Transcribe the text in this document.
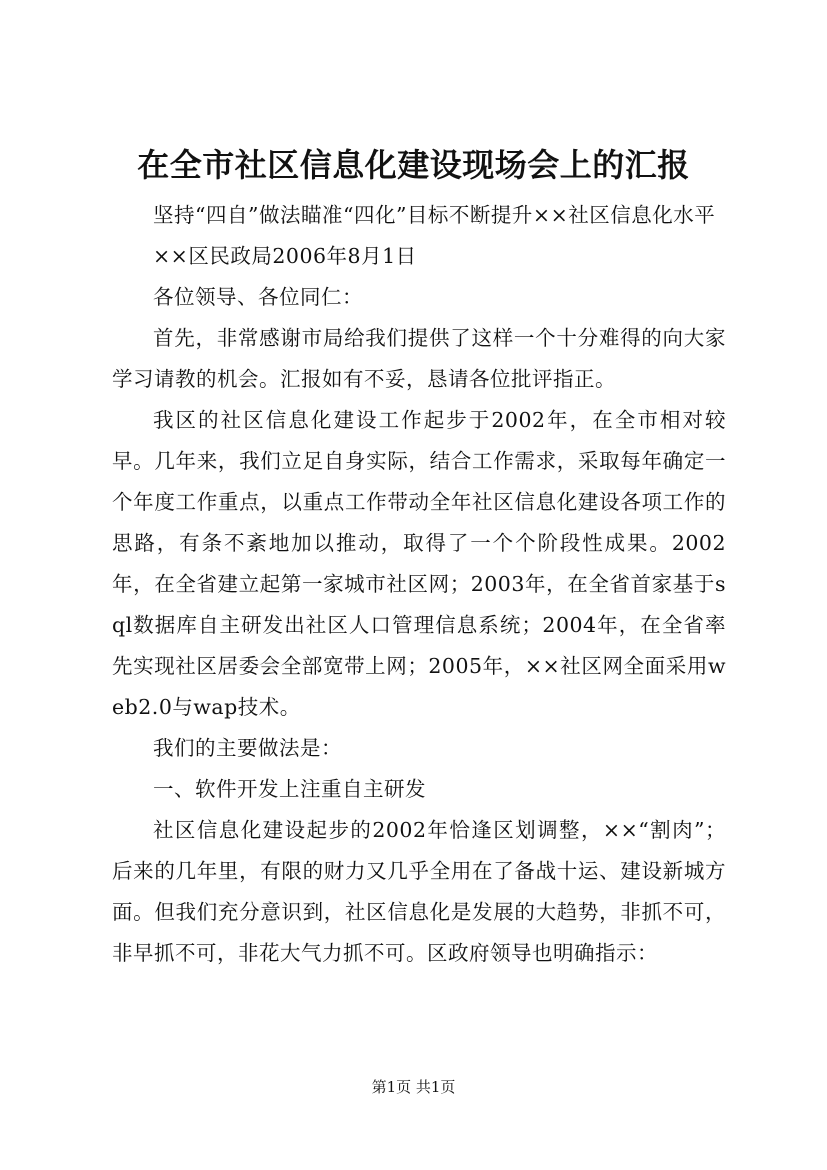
在全市社区信息化建设现场会上的汇报

坚持“四自”做法瞄准“四化”目标不断提升××社区信息化水平

××区民政局2006年8月1日

各位领导、各位同仁：

首先，非常感谢市局给我们提供了这样一个十分难得的向大家学习请教的机会。汇报如有不妥，恳请各位批评指正。

我区的社区信息化建设工作起步于2002年，在全市相对较早。几年来，我们立足自身实际，结合工作需求，采取每年确定一个年度工作重点，以重点工作带动全年社区信息化建设各项工作的思路，有条不紊地加以推动，取得了一个个阶段性成果。2002年，在全省建立起第一家城市社区网；2003年，在全省首家基于sql数据库自主研发出社区人口管理信息系统；2004年，在全省率先实现社区居委会全部宽带上网；2005年，××社区网全面采用web2.0与wap技术。

我们的主要做法是：

一、软件开发上注重自主研发

社区信息化建设起步的2002年恰逢区划调整，××“割肉”；后来的几年里，有限的财力又几乎全用在了备战十运、建设新城方面。但我们充分意识到，社区信息化是发展的大趋势，非抓不可，非早抓不可，非花大气力抓不可。区政府领导也明确指示：

第1页 共1页
